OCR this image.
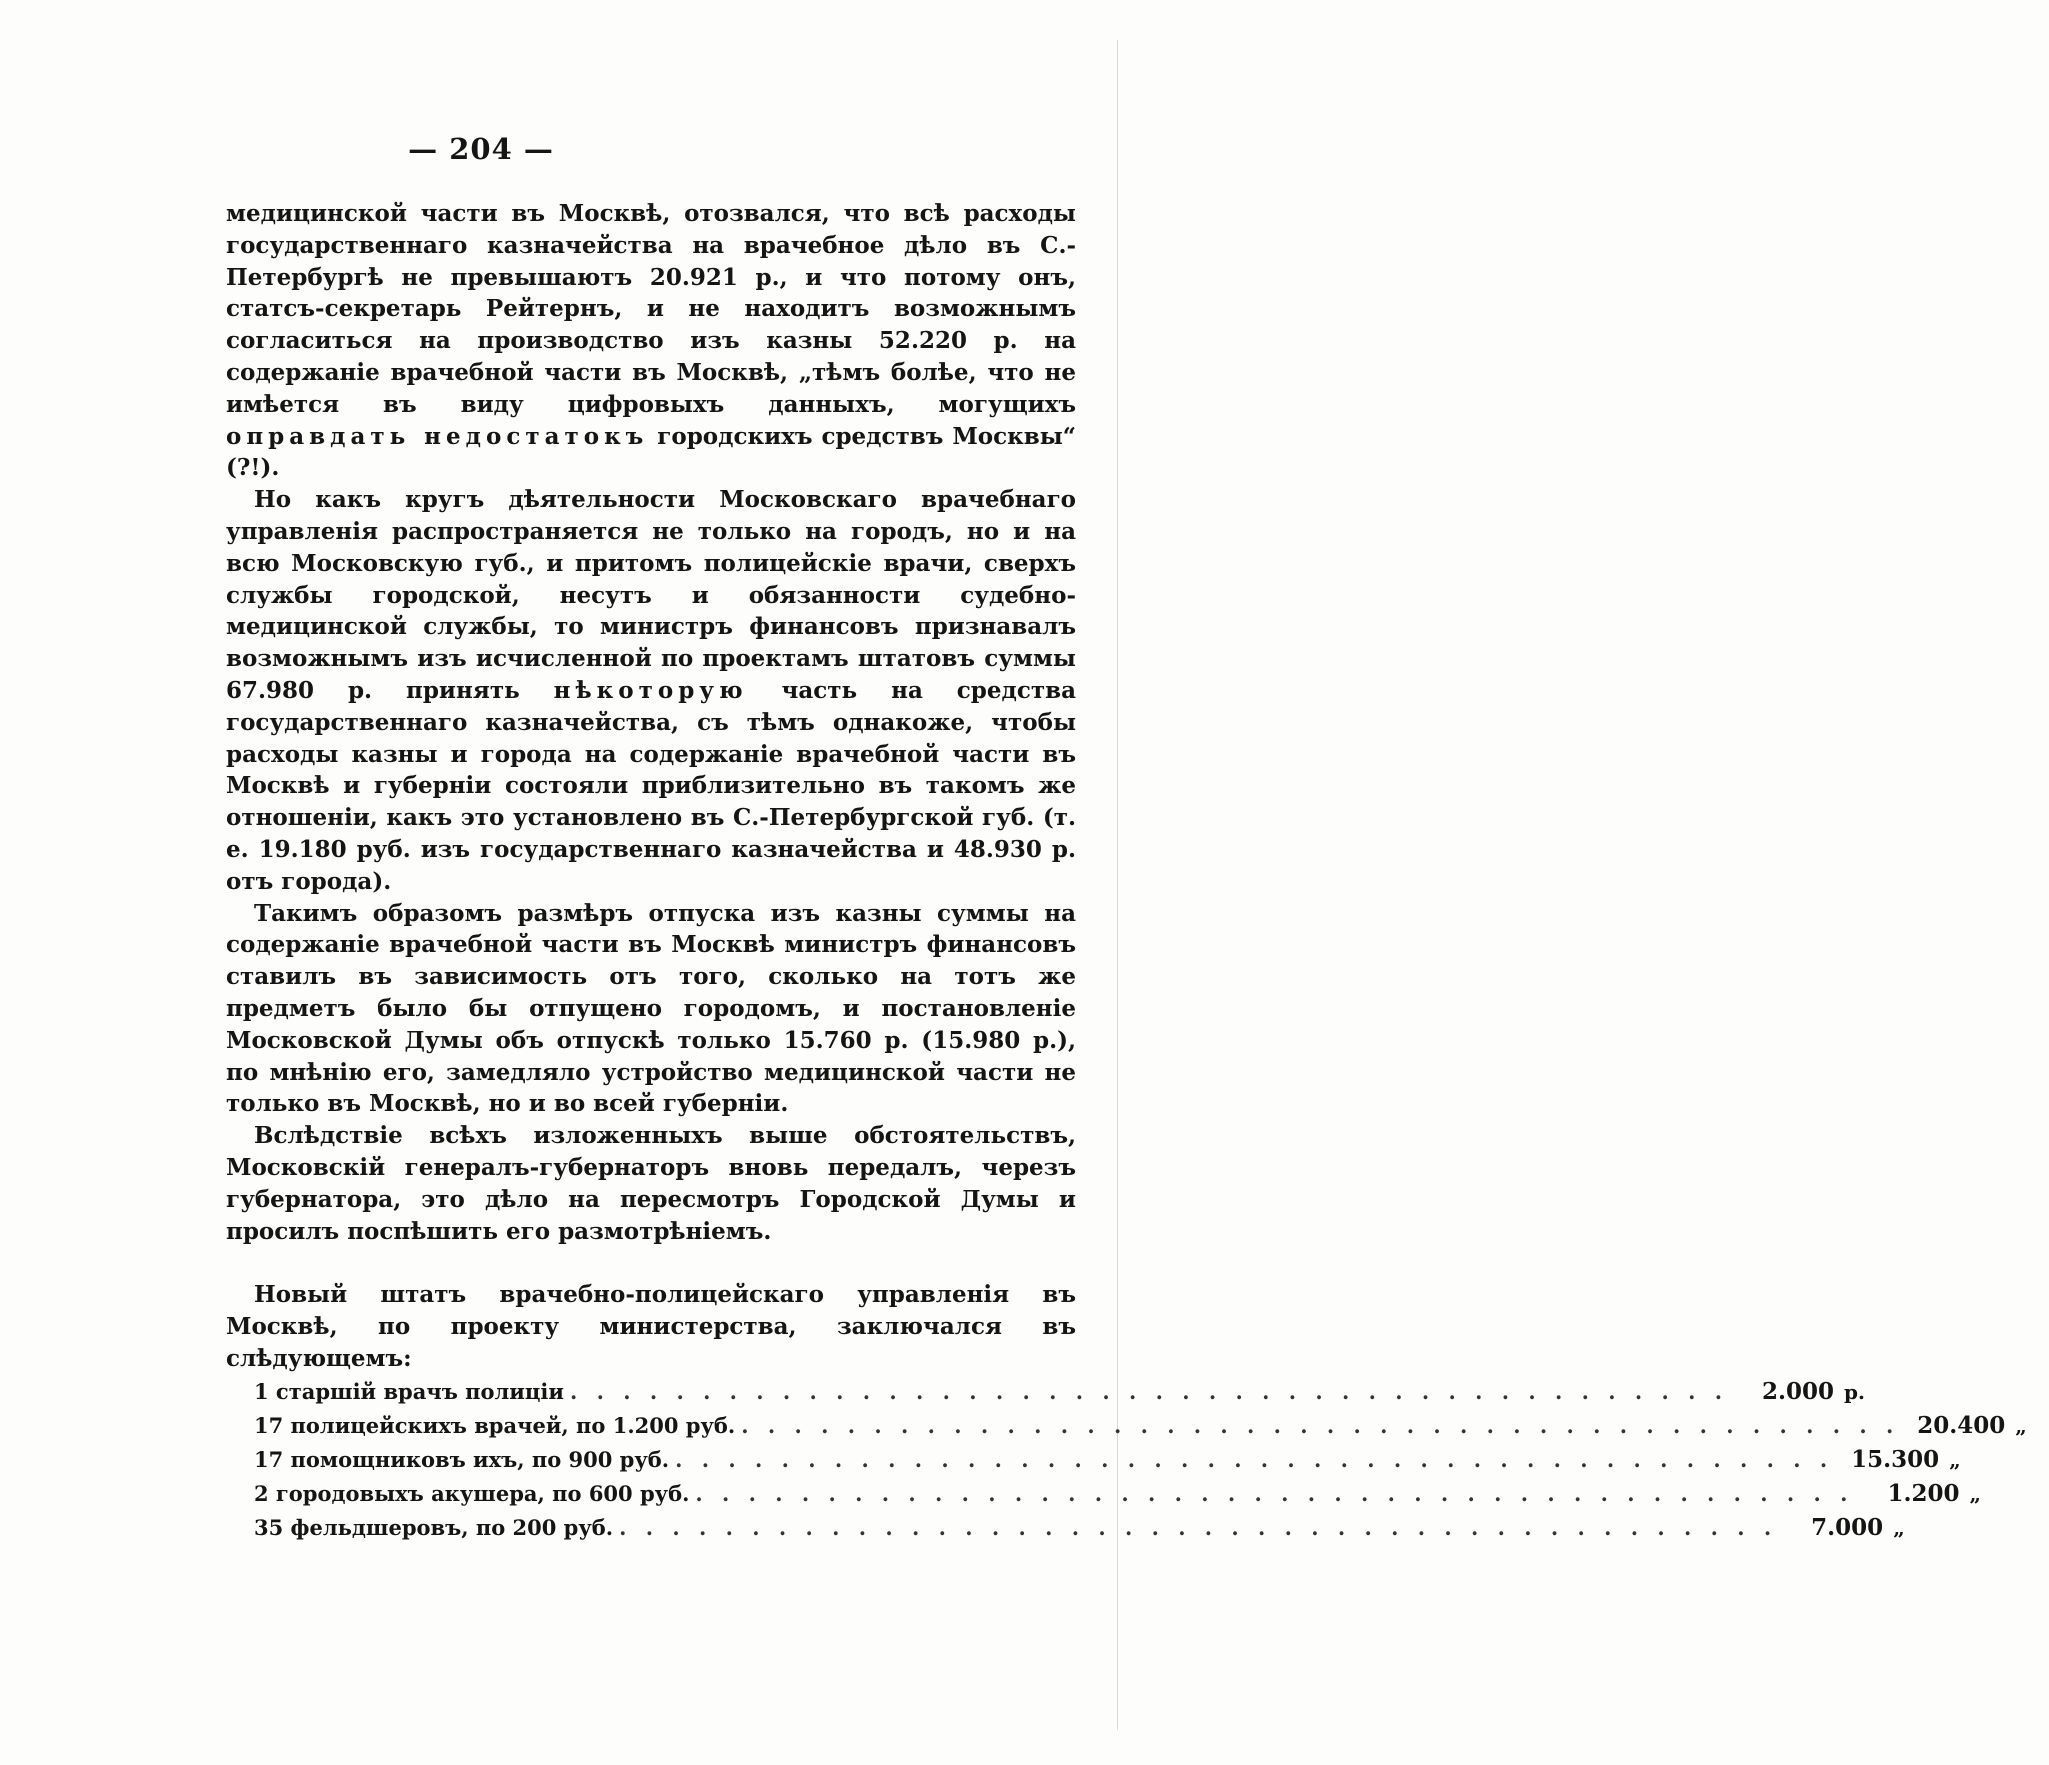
— 204 —

медицинской части въ Москвѣ, отозвался, что всѣ расходы государственнаго казначейства на врачебное дѣло въ С.-Петербургѣ не превышаютъ 20.921 р., и что потому онъ, статсъ-секретарь Рейтернъ, и не находитъ возможнымъ согласиться на производство изъ казны 52.220 р. на содержаніе врачебной части въ Москвѣ, „тѣмъ болѣе, что не имѣется въ виду цифровыхъ данныхъ, могущихъ оправдать недостатокъ городскихъ средствъ Москвы“ (?!).

Но какъ кругъ дѣятельности Московскаго врачебнаго управленія распространяется не только на городъ, но и на всю Московскую губ., и притомъ полицейскіе врачи, сверхъ службы городской, несутъ и обязанности судебно-медицинской службы, то министръ финансовъ признавалъ возможнымъ изъ исчисленной по проектамъ штатовъ суммы 67.980 р. принять нѣкоторую часть на средства государственнаго казначейства, съ тѣмъ однакоже, чтобы расходы казны и города на содержаніе врачебной части въ Москвѣ и губерніи состояли приблизительно въ такомъ же отношеніи, какъ это установлено въ С.-Петербургской губ. (т. е. 19.180 руб. изъ государственнаго казначейства и 48.930 р. отъ города).

Такимъ образомъ размѣръ отпуска изъ казны суммы на содержаніе врачебной части въ Москвѣ министръ финансовъ ставилъ въ зависимость отъ того, сколько на тотъ же предметъ было бы отпущено городомъ, и постановленіе Московской Думы объ отпускѣ только 15.760 р. (15.980 р.), по мнѣнію его, замедляло устройство медицинской части не только въ Москвѣ, но и во всей губерніи.

Вслѣдствіе всѣхъ изложенныхъ выше обстоятельствъ, Московскій генералъ-губернаторъ вновь передалъ, черезъ губернатора, это дѣло на пересмотръ Городской Думы и просилъ поспѣшить его размотрѣніемъ.

Новый штатъ врачебно-полицейскаго управленія въ Москвѣ, по проекту министерства, заключался въ слѣдующемъ:

1 старшій врачъ полиціи . . . . . . . . . . . . . . . . . . . . . . . . . . . . . . . . . . . . . . . . . . . .	2.000 р.
17 полицейскихъ врачей, по 1.200 руб. . . . . . . . . . . . . . . . . . . . . . . . . . . . . . . . . . . . . . . . . . . . . 20.400 „
17 помощниковъ ихъ, по 900 руб. . . . . . . . . . . . . . . . . . . . . . . . . . . . . . . . . . . . . . . . . . . . . 15.300 „
2 городовыхъ акушера, по 600 руб. . . . . . . . . . . . . . . . . . . . . . . . . . . . . . . . . . . . . . . . . . . . .	1.200 „
35 фельдшеровъ, по 200 руб. . . . . . . . . . . . . . . . . . . . . . . . . . . . . . . . . . . . . . . . . . . . .	7.000 „
